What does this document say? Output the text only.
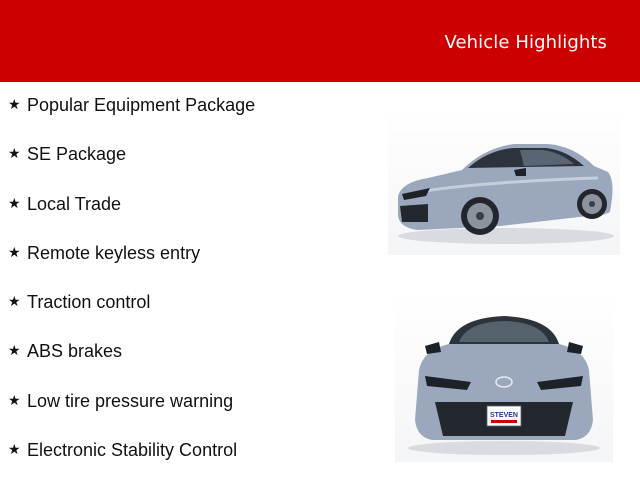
Vehicle Highlights
★ Popular Equipment Package
★ SE Package
★ Local Trade
★ Remote keyless entry
★ Traction control
★ ABS brakes
★ Low tire pressure warning
★ Electronic Stability Control
STEVEN
